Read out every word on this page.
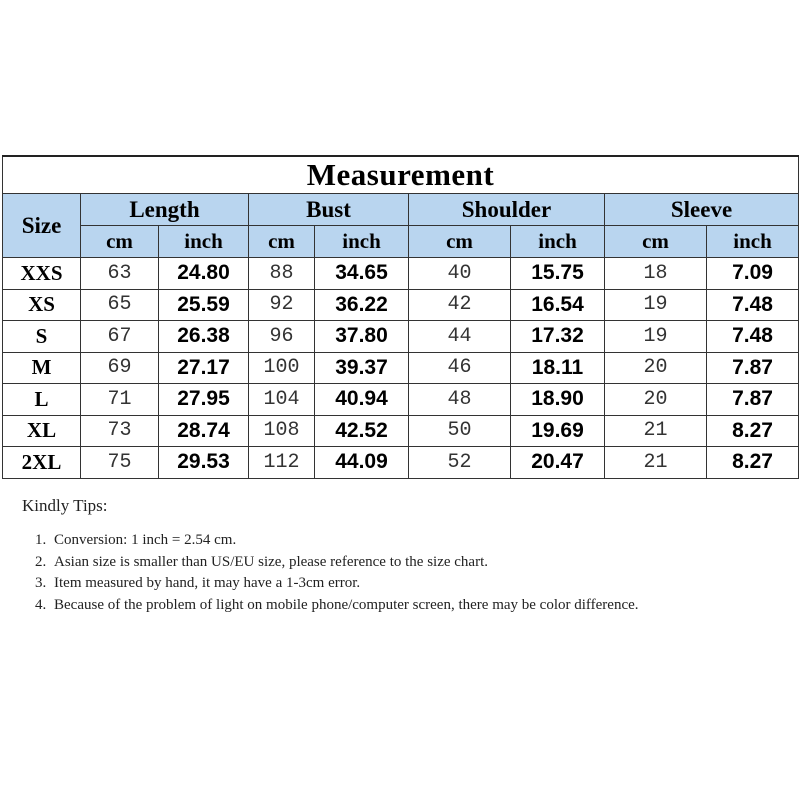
Measurement								
Size	Length		Bust		Shoulder		Sleeve	
	cm	inch	cm	inch	cm	inch	cm	inch
XXS	63	24.80	88	34.65	40	15.75	18	7.09
XS	65	25.59	92	36.22	42	16.54	19	7.48
S	67	26.38	96	37.80	44	17.32	19	7.48
M	69	27.17	100	39.37	46	18.11	20	7.87
L	71	27.95	104	40.94	48	18.90	20	7.87
XL	73	28.74	108	42.52	50	19.69	21	8.27
2XL	75	29.53	112	44.09	52	20.47	21	8.27
Kindly Tips:
1. Conversion: 1 inch = 2.54 cm.
2. Asian size is smaller than US/EU size, please reference to the size chart.
3. Item measured by hand, it may have a 1-3cm error.
4. Because of the problem of light on mobile phone/computer screen, there may be color difference.
